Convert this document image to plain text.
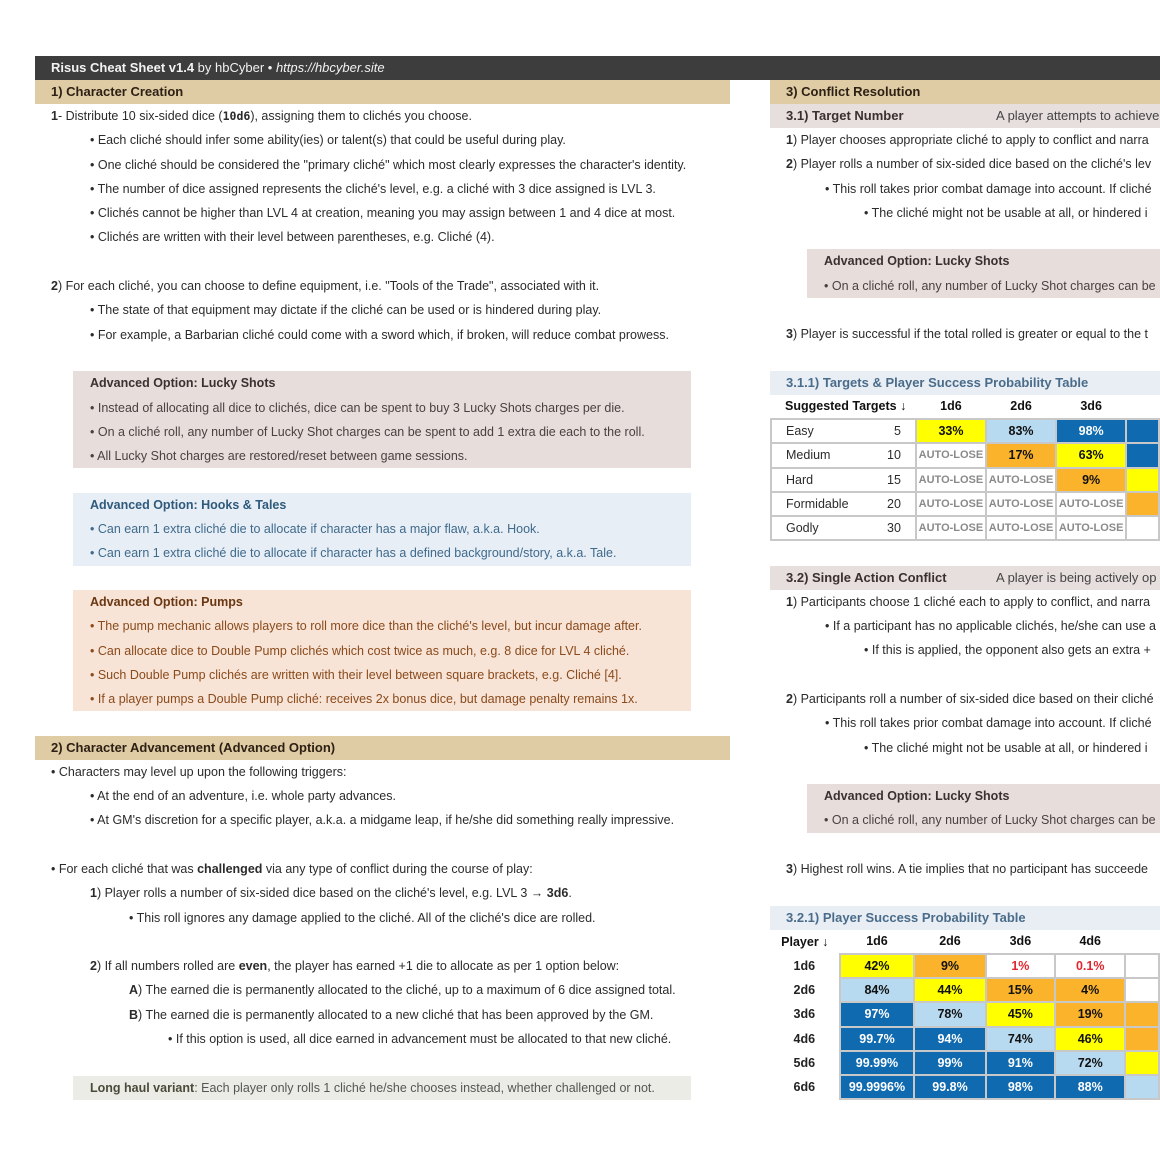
Risus Cheat Sheet v1.4 by hbCyber • https://hbcyber.site
1) Character Creation
1- Distribute 10 six-sided dice (10d6), assigning them to clichés you choose.
• Each cliché should infer some ability(ies) or talent(s) that could be useful during play.
• One cliché should be considered the "primary cliché" which most clearly expresses the character's identity.
• The number of dice assigned represents the cliché's level, e.g. a cliché with 3 dice assigned is LVL 3.
• Clichés cannot be higher than LVL 4 at creation, meaning you may assign between 1 and 4 dice at most.
• Clichés are written with their level between parentheses, e.g. Cliché (4).
2) For each cliché, you can choose to define equipment, i.e. "Tools of the Trade", associated with it.
• The state of that equipment may dictate if the cliché can be used or is hindered during play.
• For example, a Barbarian cliché could come with a sword which, if broken, will reduce combat prowess.
Advanced Option: Lucky Shots
• Instead of allocating all dice to clichés, dice can be spent to buy 3 Lucky Shots charges per die.
• On a cliché roll, any number of Lucky Shot charges can be spent to add 1 extra die each to the roll.
• All Lucky Shot charges are restored/reset between game sessions.
Advanced Option: Hooks & Tales
• Can earn 1 extra cliché die to allocate if character has a major flaw, a.k.a. Hook.
• Can earn 1 extra cliché die to allocate if character has a defined background/story, a.k.a. Tale.
Advanced Option: Pumps
• The pump mechanic allows players to roll more dice than the cliché's level, but incur damage after.
• Can allocate dice to Double Pump clichés which cost twice as much, e.g. 8 dice for LVL 4 cliché.
• Such Double Pump clichés are written with their level between square brackets, e.g. Cliché [4].
• If a player pumps a Double Pump cliché: receives 2x bonus dice, but damage penalty remains 1x.
2) Character Advancement (Advanced Option)
• Characters may level up upon the following triggers:
• At the end of an adventure, i.e. whole party advances.
• At GM's discretion for a specific player, a.k.a. a midgame leap, if he/she did something really impressive.
• For each cliché that was challenged via any type of conflict during the course of play:
1) Player rolls a number of six-sided dice based on the cliché's level, e.g. LVL 3 → 3d6.
• This roll ignores any damage applied to the cliché. All of the cliché's dice are rolled.
2) If all numbers rolled are even, the player has earned +1 die to allocate as per 1 option below:
A) The earned die is permanently allocated to the cliché, up to a maximum of 6 dice assigned total.
B) The earned die is permanently allocated to a new cliché that has been approved by the GM.
• If this option is used, all dice earned in advancement must be allocated to that new cliché.
Long haul variant: Each player only rolls 1 cliché he/she chooses instead, whether challenged or not.
3) Conflict Resolution
3.1) Target Number	A player attempts to achieve
1) Player chooses appropriate cliché to apply to conflict and narra
2) Player rolls a number of six-sided dice based on the cliché's lev
• This roll takes prior combat damage into account. If cliché
• The cliché might not be usable at all, or hindered i
Advanced Option: Lucky Shots
• On a cliché roll, any number of Lucky Shot charges can be
3) Player is successful if the total rolled is greater or equal to the t
3.1.1) Targets & Player Success Probability Table
Suggested Targets ↓		1d6	2d6	3d6	
Easy	5	33%	83%	98%	
Medium	10	AUTO-LOSE	17%	63%	
Hard	15	AUTO-LOSE	AUTO-LOSE	9%	
Formidable	20	AUTO-LOSE	AUTO-LOSE	AUTO-LOSE	
Godly	30	AUTO-LOSE	AUTO-LOSE	AUTO-LOSE	
3.2) Single Action Conflict	A player is being actively op
1) Participants choose 1 cliché each to apply to conflict, and narra
• If a participant has no applicable clichés, he/she can use a
• If this is applied, the opponent also gets an extra +
2) Participants roll a number of six-sided dice based on their cliché
• This roll takes prior combat damage into account. If cliché
• The cliché might not be usable at all, or hindered i
Advanced Option: Lucky Shots
• On a cliché roll, any number of Lucky Shot charges can be
3) Highest roll wins. A tie implies that no participant has succeede
3.2.1) Player Success Probability Table
Player ↓	1d6	2d6	3d6	4d6	
1d6	42%	9%	1%	0.1%	
2d6	84%	44%	15%	4%	
3d6	97%	78%	45%	19%	
4d6	99.7%	94%	74%	46%	
5d6	99.99%	99%	91%	72%	
6d6	99.9996%	99.8%	98%	88%	
